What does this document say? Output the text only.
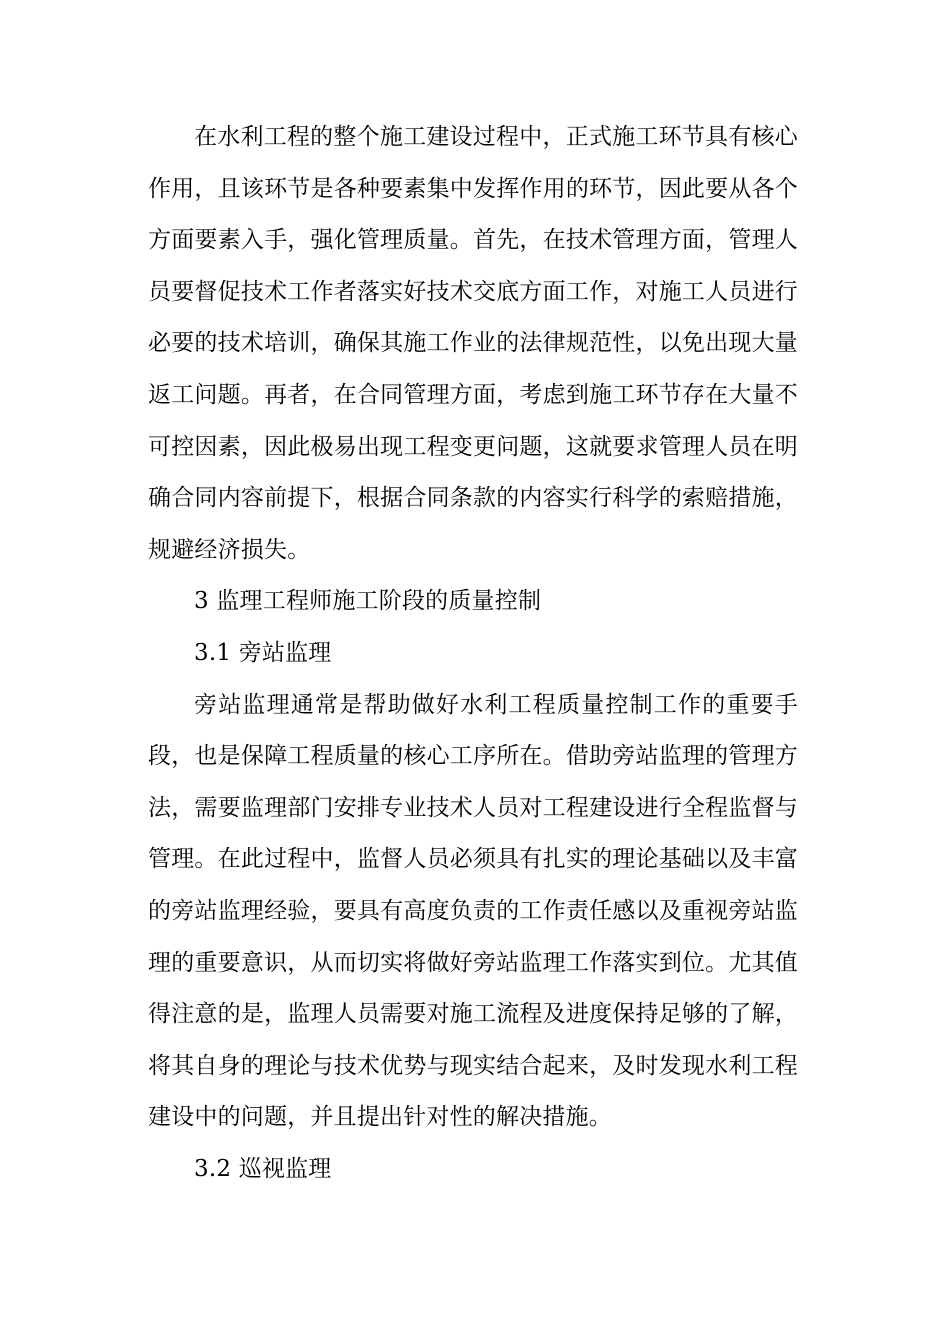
在水利工程的整个施工建设过程中，正式施工环节具有核心作用，且该环节是各种要素集中发挥作用的环节，因此要从各个方面要素入手，强化管理质量。首先，在技术管理方面，管理人员要督促技术工作者落实好技术交底方面工作，对施工人员进行必要的技术培训，确保其施工作业的法律规范性，以免出现大量返工问题。再者，在合同管理方面，考虑到施工环节存在大量不可控因素，因此极易出现工程变更问题，这就要求管理人员在明确合同内容前提下，根据合同条款的内容实行科学的索赔措施，规避经济损失。

3 监理工程师施工阶段的质量控制

3.1 旁站监理

旁站监理通常是帮助做好水利工程质量控制工作的重要手段，也是保障工程质量的核心工序所在。借助旁站监理的管理方法，需要监理部门安排专业技术人员对工程建设进行全程监督与管理。在此过程中，监督人员必须具有扎实的理论基础以及丰富的旁站监理经验，要具有高度负责的工作责任感以及重视旁站监理的重要意识，从而切实将做好旁站监理工作落实到位。尤其值得注意的是，监理人员需要对施工流程及进度保持足够的了解，将其自身的理论与技术优势与现实结合起来，及时发现水利工程建设中的问题，并且提出针对性的解决措施。

3.2 巡视监理
